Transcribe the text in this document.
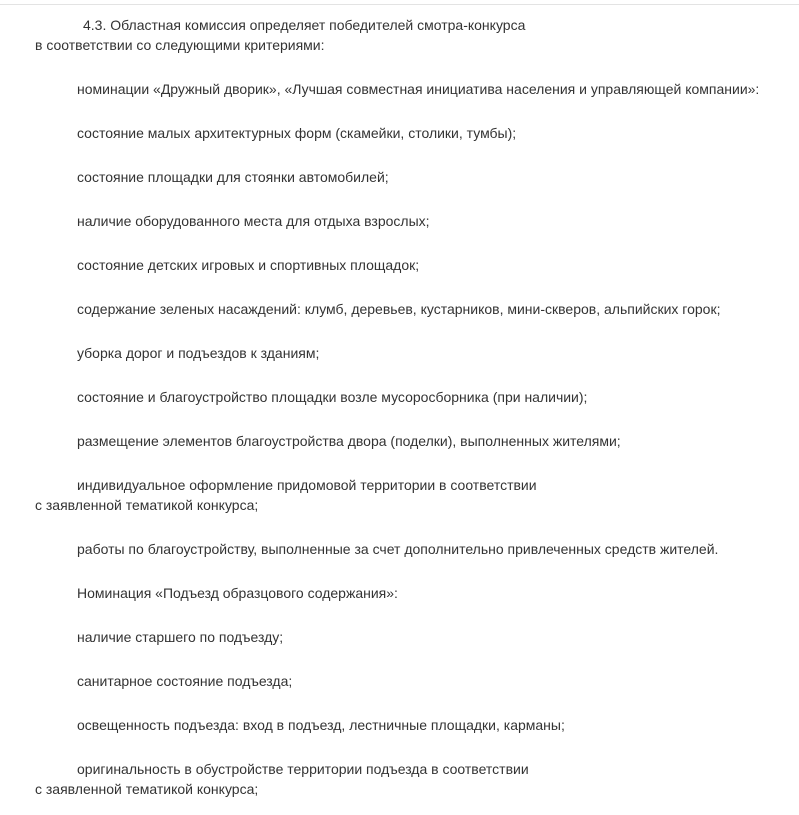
4.3. Областная комиссия определяет победителей смотра-конкурса
в соответствии со следующими критериями:
номинации «Дружный дворик», «Лучшая совместная инициатива населения и управляющей компании»:
состояние малых архитектурных форм (скамейки, столики, тумбы);
состояние площадки для стоянки автомобилей;
наличие оборудованного места для отдыха взрослых;
состояние детских игровых и спортивных площадок;
содержание зеленых насаждений: клумб, деревьев, кустарников, мини-скверов, альпийских горок;
уборка дорог и подъездов к зданиям;
состояние и благоустройство площадки возле мусоросборника (при наличии);
размещение элементов благоустройства двора (поделки), выполненных жителями;
индивидуальное оформление придомовой территории в соответствии
с заявленной тематикой конкурса;
работы по благоустройству, выполненные за счет дополнительно привлеченных средств жителей.
Номинация «Подъезд образцового содержания»:
наличие старшего по подъезду;
санитарное состояние подъезда;
освещенность подъезда: вход в подъезд, лестничные площадки, карманы;
оригинальность в обустройстве территории подъезда в соответствии
с заявленной тематикой конкурса;
